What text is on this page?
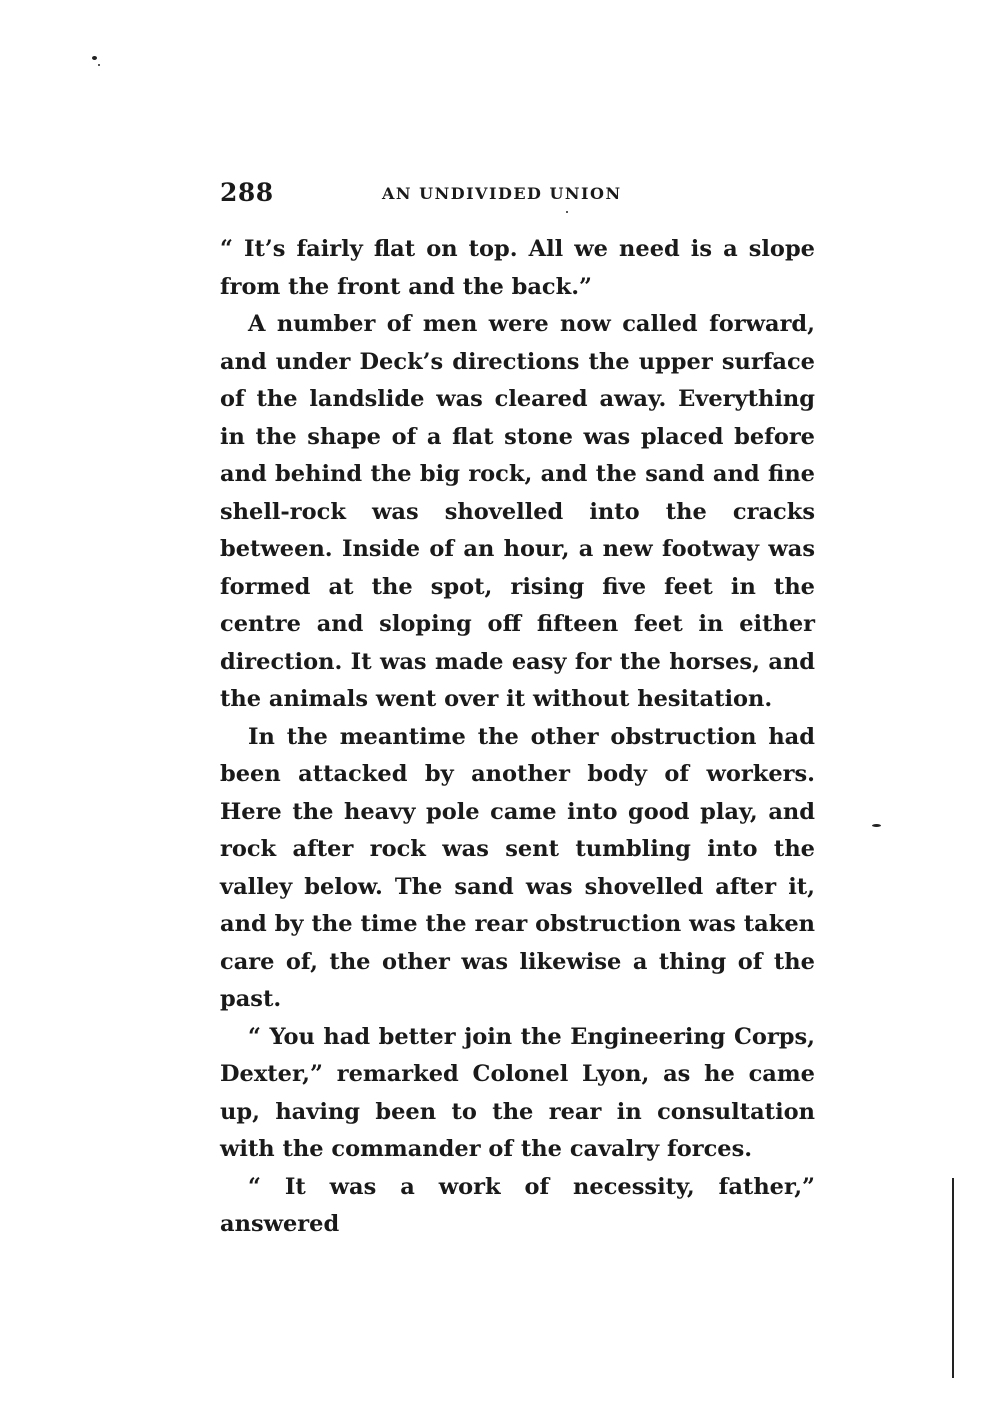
288	AN UNDIVIDED UNION

“ It’s fairly flat on top. All we need is a slope from the front and the back.”

A number of men were now called forward, and under Deck’s directions the upper surface of the landslide was cleared away. Everything in the shape of a flat stone was placed before and behind the big rock, and the sand and fine shell-rock was shovelled into the cracks between. Inside of an hour, a new footway was formed at the spot, rising five feet in the centre and sloping off fifteen feet in either direction. It was made easy for the horses, and the animals went over it without hesitation.

In the meantime the other obstruction had been attacked by another body of workers. Here the heavy pole came into good play, and rock after rock was sent tumbling into the valley below. The sand was shovelled after it, and by the time the rear obstruction was taken care of, the other was likewise a thing of the past.

“ You had better join the Engineering Corps, Dexter,” remarked Colonel Lyon, as he came up, having been to the rear in consultation with the commander of the cavalry forces.

“ It was a work of necessity, father,” answered
